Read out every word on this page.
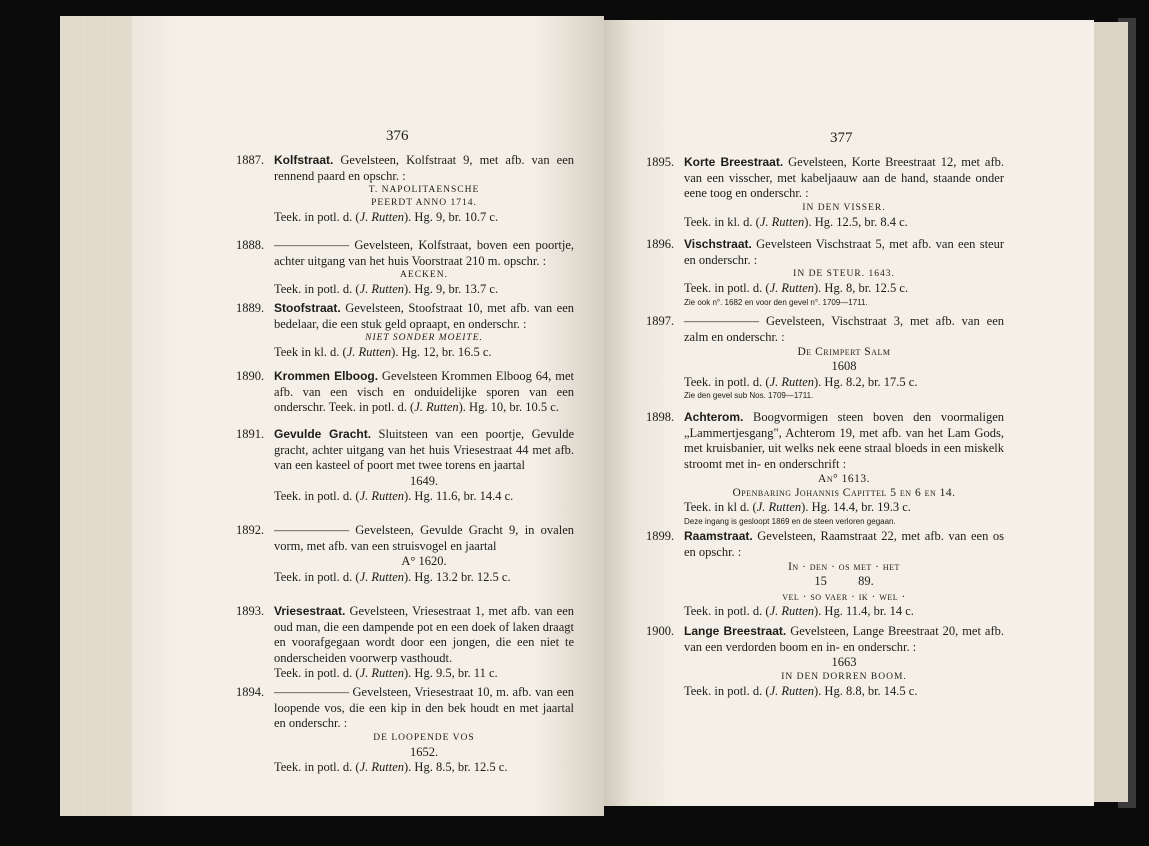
376
1887. Kolfstraat. Gevelsteen, Kolfstraat 9, met afb. van een rennend paard en opschr. :

T. NAPOLITAENSCHE
PEERDT ANNO 1714.

Teek. in potl. d. (J. Rutten). Hg. 9, br. 10.7 c.

1888. —————— Gevelsteen, Kolfstraat, boven een poortje, achter uitgang van het huis Voorstraat 210 m. opschr. :

AECKEN.

Teek. in potl. d. (J. Rutten). Hg. 9, br. 13.7 c.

1889. Stoofstraat. Gevelsteen, Stoofstraat 10, met afb. van een bedelaar, die een stuk geld opraapt, en onderschr. :

NIET SONDER MOEITE.

Teek in kl. d. (J. Rutten). Hg. 12, br. 16.5 c.

1890. Krommen Elboog. Gevelsteen Krommen Elboog 64, met afb. van een visch en onduidelijke sporen van een onderschr. Teek. in potl. d. (J. Rutten). Hg. 10, br. 10.5 c.

1891. Gevulde Gracht. Sluitsteen van een poortje, Gevulde gracht, achter uitgang van het huis Vriesestraat 44 met afb. van een kasteel of poort met twee torens en jaartal

1649.

Teek. in potl. d. (J. Rutten). Hg. 11.6, br. 14.4 c.

1892. —————— Gevelsteen, Gevulde Gracht 9, in ovalen vorm, met afb. van een struisvogel en jaartal

A° 1620.

Teek. in potl. d. (J. Rutten). Hg. 13.2 br. 12.5 c.

1893. Vriesestraat. Gevelsteen, Vriesestraat 1, met afb. van een oud man, die een dampende pot en een doek of laken draagt en voorafgegaan wordt door een jongen, die een niet te onderscheiden voorwerp vasthoudt.

Teek. in potl. d. (J. Rutten). Hg. 9.5, br. 11 c.

1894. —————— Gevelsteen, Vriesestraat 10, m. afb. van een loopende vos, die een kip in den bek houdt en met jaartal en onderschr. :

DE LOOPENDE VOS
1652.

Teek. in potl. d. (J. Rutten). Hg. 8.5, br. 12.5 c.

377
1895. Korte Breestraat. Gevelsteen, Korte Breestraat 12, met afb. van een visscher, met kabeljaauw aan de hand, staande onder eene toog en onderschr. :

IN DEN VISSER.

Teek. in kl. d. (J. Rutten). Hg. 12.5, br. 8.4 c.

1896. Vischstraat. Gevelsteen Vischstraat 5, met afb. van een steur en onderschr. :

IN DE STEUR. 1643.

Teek. in potl. d. (J. Rutten). Hg. 8, br. 12.5 c.

Zie ook n°. 1682 en voor den gevel n°. 1709—1711.
1897. —————— Gevelsteen, Vischstraat 3, met afb. van een zalm en onderschr. :

De Crimpert Salm
1608

Teek. in potl. d. (J. Rutten). Hg. 8.2, br. 17.5 c.

Zie den gevel sub Nos. 1709—1711.
1898. Achterom. Boogvormigen steen boven den voormaligen „Lammertjesgang", Achterom 19, met afb. van het Lam Gods, met kruisbanier, uit welks nek eene straal bloeds in een miskelk stroomt met in- en onderschrift :

An° 1613.
Openbaring Johannis Capittel 5 en 6 en 14.

Teek. in kl d. (J. Rutten). Hg. 14.4, br. 19.3 c.

Deze ingang is gesloopt 1869 en de steen verloren gegaan.
1899. Raamstraat. Gevelsteen, Raamstraat 22, met afb. van een os en opschr. :

In · den · os met · het
15          89.
vel · so vaer · ik · wel ·

Teek. in potl. d. (J. Rutten). Hg. 11.4, br. 14 c.

1900. Lange Breestraat. Gevelsteen, Lange Breestraat 20, met afb. van een verdorden boom en in- en onderschr. :

1663
IN DEN DORREN BOOM.

Teek. in potl. d. (J. Rutten). Hg. 8.8, br. 14.5 c.
